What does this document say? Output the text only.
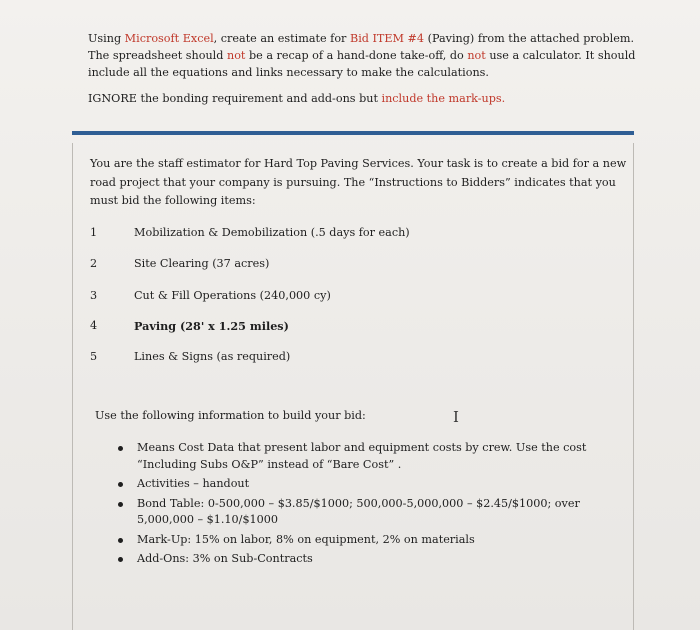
Using Microsoft Excel, create an estimate for Bid ITEM #4 (Paving) from the attached problem. The spreadsheet should not be a recap of a hand-done take-off, do not use a calculator. It should include all the equations and links necessary to make the calculations.

IGNORE the bonding requirement and add-ons but include the mark-ups.

You are the staff estimator for Hard Top Paving Services. Your task is to create a bid for a new road project that your company is pursuing. The “Instructions to Bidders” indicates that you must bid the following items:
1	Mobilization & Demobilization (.5 days for each)
2	Site Clearing (37 acres)
3	Cut & Fill Operations (240,000 cy)
4	Paving (28' x 1.25 miles)
5	Lines & Signs (as required)
Use the following information to build your bid:	I
Means Cost Data that present labor and equipment costs by crew. Use the cost “Including Subs O&P” instead of “Bare Cost” .
Activities – handout
Bond Table: 0-500,000 – $3.85/$1000; 500,000-5,000,000 – $2.45/$1000; over 5,000,000 – $1.10/$1000
Mark-Up: 15% on labor, 8% on equipment, 2% on materials
Add-Ons: 3% on Sub-Contracts
